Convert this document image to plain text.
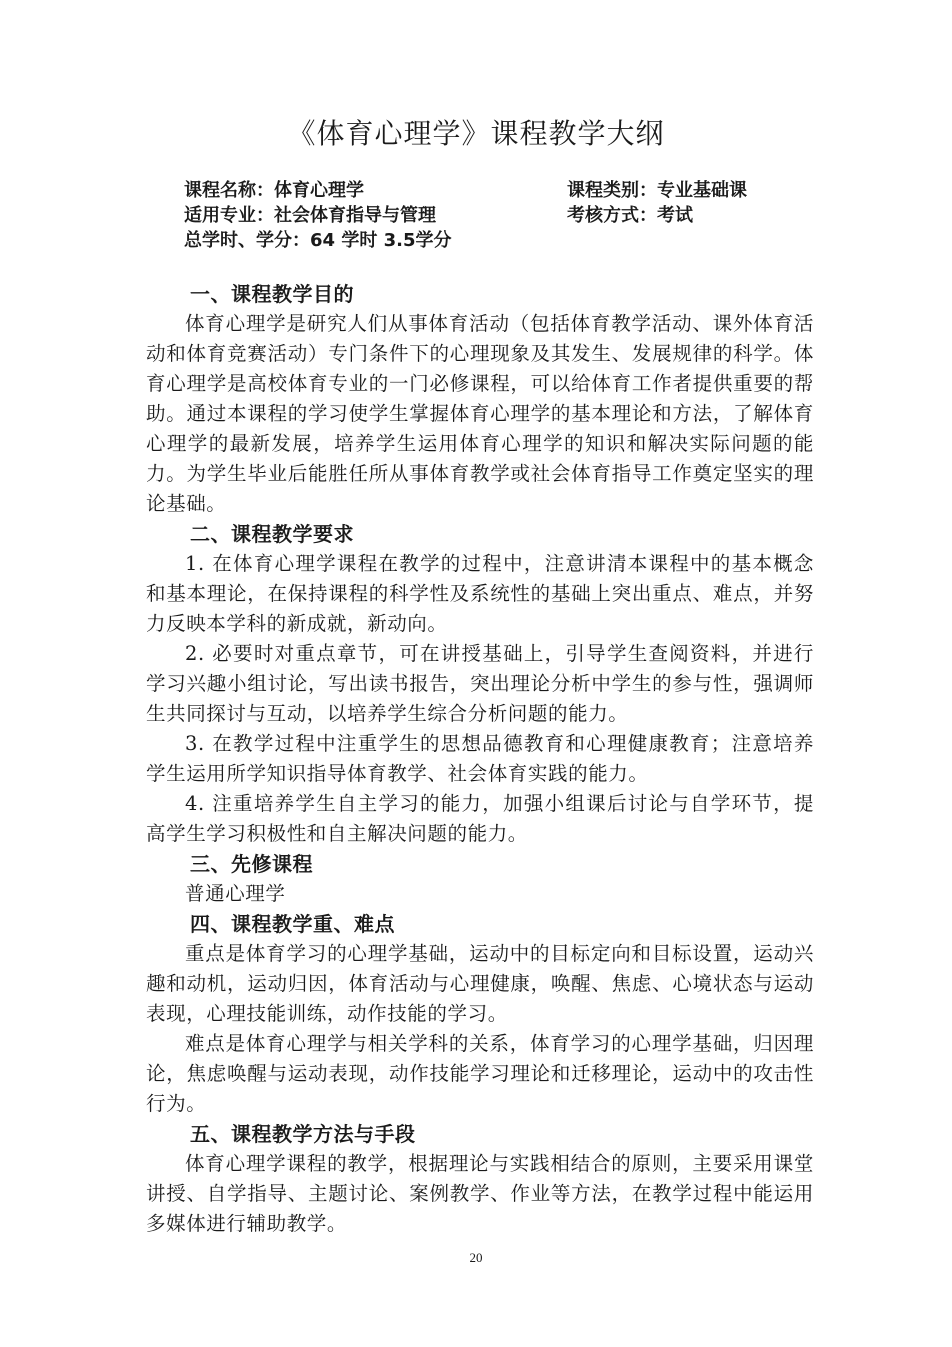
《体育心理学》课程教学大纲
课程名称：体育心理学	课程类别：专业基础课
适用专业：社会体育指导与管理	考核方式：考试
总学时、学分：64 学时 3.5学分
一、课程教学目的

体育心理学是研究人们从事体育活动（包括体育教学活动、课外体育活动和体育竞赛活动）专门条件下的心理现象及其发生、发展规律的科学。体育心理学是高校体育专业的一门必修课程，可以给体育工作者提供重要的帮助。通过本课程的学习使学生掌握体育心理学的基本理论和方法，了解体育心理学的最新发展，培养学生运用体育心理学的知识和解决实际问题的能力。为学生毕业后能胜任所从事体育教学或社会体育指导工作奠定坚实的理论基础。

二、课程教学要求

1. 在体育心理学课程在教学的过程中，注意讲清本课程中的基本概念和基本理论，在保持课程的科学性及系统性的基础上突出重点、难点，并努力反映本学科的新成就，新动向。

2. 必要时对重点章节，可在讲授基础上，引导学生查阅资料，并进行学习兴趣小组讨论，写出读书报告，突出理论分析中学生的参与性，强调师生共同探讨与互动，以培养学生综合分析问题的能力。

3. 在教学过程中注重学生的思想品德教育和心理健康教育；注意培养学生运用所学知识指导体育教学、社会体育实践的能力。

4. 注重培养学生自主学习的能力，加强小组课后讨论与自学环节，提高学生学习积极性和自主解决问题的能力。

三、先修课程

普通心理学

四、课程教学重、难点

重点是体育学习的心理学基础，运动中的目标定向和目标设置，运动兴趣和动机，运动归因，体育活动与心理健康，唤醒、焦虑、心境状态与运动表现，心理技能训练，动作技能的学习。

难点是体育心理学与相关学科的关系，体育学习的心理学基础，归因理论，焦虑唤醒与运动表现，动作技能学习理论和迁移理论，运动中的攻击性行为。

五、课程教学方法与手段

体育心理学课程的教学，根据理论与实践相结合的原则，主要采用课堂讲授、自学指导、主题讨论、案例教学、作业等方法，在教学过程中能运用多媒体进行辅助教学。

20
